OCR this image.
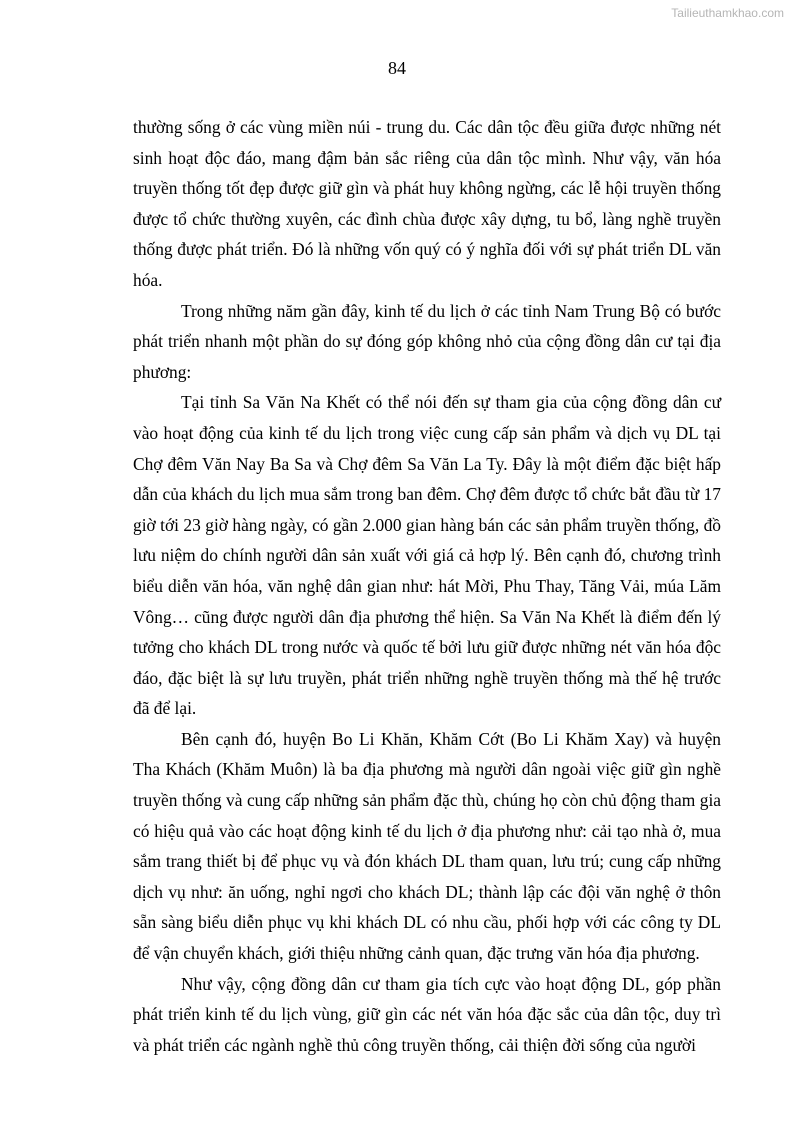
Tailieuthamkhao.com
84

thường sống ở các vùng miền núi - trung du. Các dân tộc đều giữa được những nét sinh hoạt độc đáo, mang đậm bản sắc riêng của dân tộc mình. Như vậy, văn hóa truyền thống tốt đẹp được giữ gìn và phát huy không ngừng, các lễ hội truyền thống được tổ chức thường xuyên, các đình chùa được xây dựng, tu bổ, làng nghề truyền thống được phát triển. Đó là những vốn quý có ý nghĩa đối với sự phát triển DL văn hóa.

Trong những năm gần đây, kinh tế du lịch ở các tỉnh Nam Trung Bộ có bước phát triển nhanh một phần do sự đóng góp không nhỏ của cộng đồng dân cư tại địa phương:

Tại tỉnh Sa Văn Na Khết có thể nói đến sự tham gia của cộng đồng dân cư vào hoạt động của kinh tế du lịch trong việc cung cấp sản phẩm và dịch vụ DL tại Chợ đêm Văn Nay Ba Sa và Chợ đêm Sa Văn La Ty. Đây là một điểm đặc biệt hấp dẫn của khách du lịch mua sắm trong ban đêm. Chợ đêm được tổ chức bắt đầu từ 17 giờ tới 23 giờ hàng ngày, có gần 2.000 gian hàng bán các sản phẩm truyền thống, đồ lưu niệm do chính người dân sản xuất với giá cả hợp lý. Bên cạnh đó, chương trình biểu diễn văn hóa, văn nghệ dân gian như: hát Mời, Phu Thay, Tăng Vải, múa Lăm Vông… cũng được người dân địa phương thể hiện. Sa Văn Na Khết là điểm đến lý tưởng cho khách DL trong nước và quốc tế bởi lưu giữ được những nét văn hóa độc đáo, đặc biệt là sự lưu truyền, phát triển những nghề truyền thống mà thế hệ trước đã để lại.

Bên cạnh đó, huyện Bo Li Khăn, Khăm Cớt (Bo Li Khăm Xay) và huyện Tha Khách (Khăm Muôn) là ba địa phương mà người dân ngoài việc giữ gìn nghề truyền thống và cung cấp những sản phẩm đặc thù, chúng họ còn chủ động tham gia có hiệu quả vào các hoạt động kinh tế du lịch ở địa phương như: cải tạo nhà ở, mua sắm trang thiết bị để phục vụ và đón khách DL tham quan, lưu trú; cung cấp những dịch vụ như: ăn uống, nghỉ ngơi cho khách DL; thành lập các đội văn nghệ ở thôn sẵn sàng biểu diễn phục vụ khi khách DL có nhu cầu, phối hợp với các công ty DL để vận chuyển khách, giới thiệu những cảnh quan, đặc trưng văn hóa địa phương.

Như vậy, cộng đồng dân cư tham gia tích cực vào hoạt động DL, góp phần phát triển kinh tế du lịch vùng, giữ gìn các nét văn hóa đặc sắc của dân tộc, duy trì và phát triển các ngành nghề thủ công truyền thống, cải thiện đời sống của người
